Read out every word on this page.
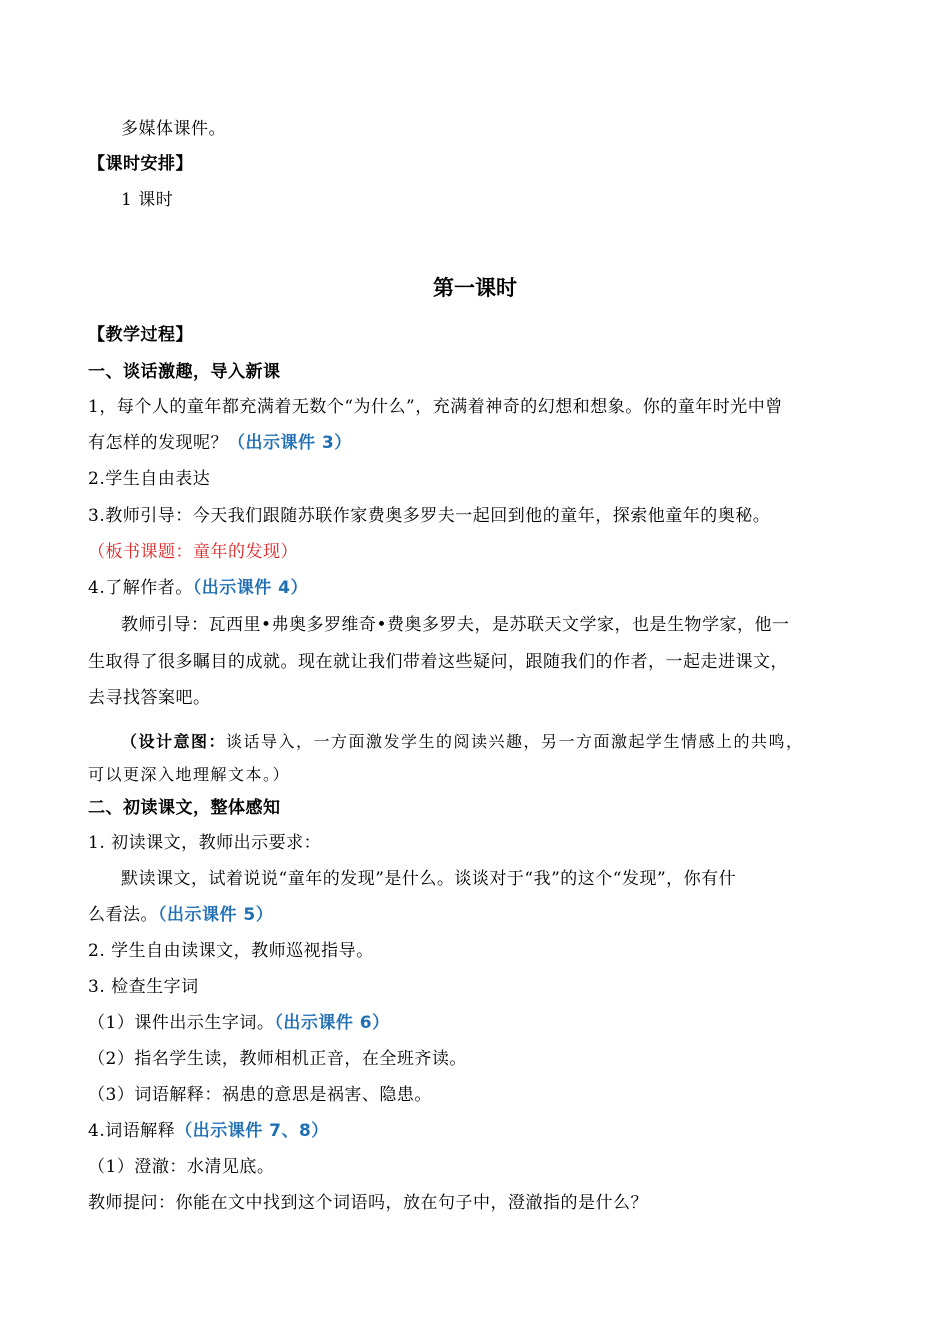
多媒体课件。
【课时安排】
1 课时
第一课时
【教学过程】
一、谈话激趣，导入新课
1，每个人的童年都充满着无数个“为什么”，充满着神奇的幻想和想象。你的童年时光中曾
有怎样的发现呢？（出示课件 3）
2.学生自由表达
3.教师引导：今天我们跟随苏联作家费奥多罗夫一起回到他的童年，探索他童年的奥秘。
（板书课题：童年的发现）
4.了解作者。（出示课件 4）
教师引导：瓦西里•弗奥多罗维奇•费奥多罗夫，是苏联天文学家，也是生物学家，他一
生取得了很多瞩目的成就。现在就让我们带着这些疑问，跟随我们的作者，一起走进课文，
去寻找答案吧。
（设计意图：谈话导入，一方面激发学生的阅读兴趣，另一方面激起学生情感上的共鸣，
可以更深入地理解文本。）
二、初读课文，整体感知
1. 初读课文，教师出示要求：
默读课文，试着说说“童年的发现”是什么。谈谈对于“我”的这个“发现”，你有什
么看法。（出示课件 5）
2. 学生自由读课文，教师巡视指导。
3. 检查生字词
（1）课件出示生字词。（出示课件 6）
（2）指名学生读，教师相机正音，在全班齐读。
（3）词语解释：祸患的意思是祸害、隐患。
4.词语解释（出示课件 7、8）
（1）澄澈：水清见底。
教师提问：你能在文中找到这个词语吗，放在句子中，澄澈指的是什么？
